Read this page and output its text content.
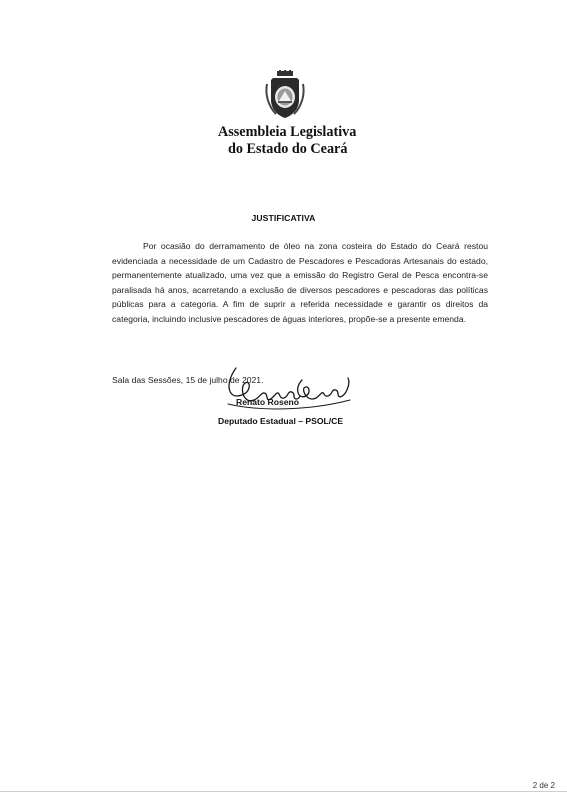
Assembleia Legislativa
do Estado do Ceará
JUSTIFICATIVA

Por ocasião do derramamento de óleo na zona costeira do Estado do Ceará restou evidenciada a necessidade de um Cadastro de Pescadores e Pescadoras Artesanais do estado, permanentemente atualizado, uma vez que a emissão do Registro Geral de Pesca encontra-se paralisada há anos, acarretando a exclusão de diversos pescadores e pescadoras das políticas públicas para a categoria. A fim de suprir a referida necessidade e garantir os direitos da categoria, incluindo inclusive pescadores de águas interiores, propõe-se a presente emenda.

Sala das Sessões, 15 de julho de 2021.
Renato Roseno
Deputado Estadual – PSOL/CE
2 de 2
